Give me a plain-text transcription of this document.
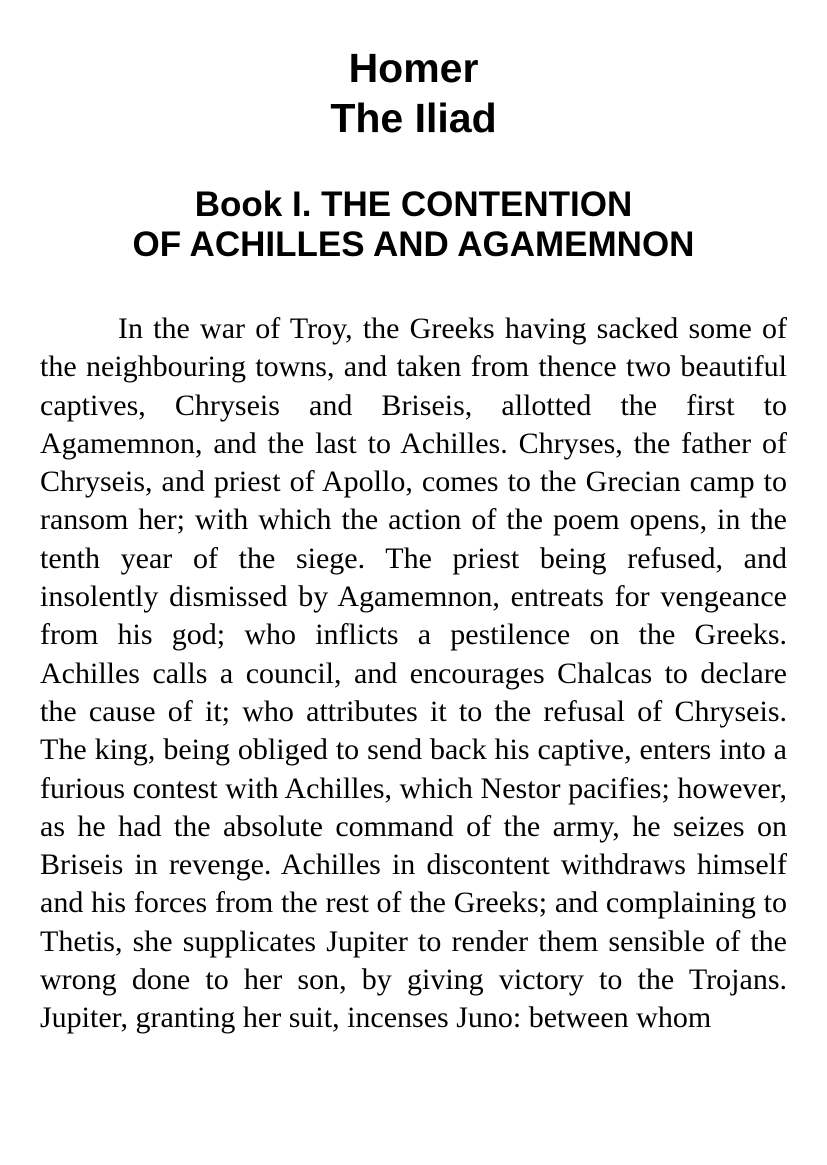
Homer
The Iliad
Book I. THE CONTENTION
OF ACHILLES AND AGAMEMNON

In the war of Troy, the Greeks having sacked some of the neighbouring towns, and taken from thence two beautiful captives, Chryseis and Briseis, allotted the first to Agamemnon, and the last to Achilles. Chryses, the father of Chryseis, and priest of Apollo, comes to the Grecian camp to ransom her; with which the action of the poem opens, in the tenth year of the siege. The priest being refused, and insolently dismissed by Agamemnon, entreats for vengeance from his god; who inflicts a pestilence on the Greeks. Achilles calls a council, and encourages Chalcas to declare the cause of it; who attributes it to the refusal of Chryseis. The king, being obliged to send back his captive, enters into a furious contest with Achilles, which Nestor pacifies; however, as he had the absolute command of the army, he seizes on Briseis in revenge. Achilles in discontent withdraws himself and his forces from the rest of the Greeks; and complaining to Thetis, she supplicates Jupiter to render them sensible of the wrong done to her son, by giving victory to the Trojans. Jupiter, granting her suit, incenses Juno: between whom
